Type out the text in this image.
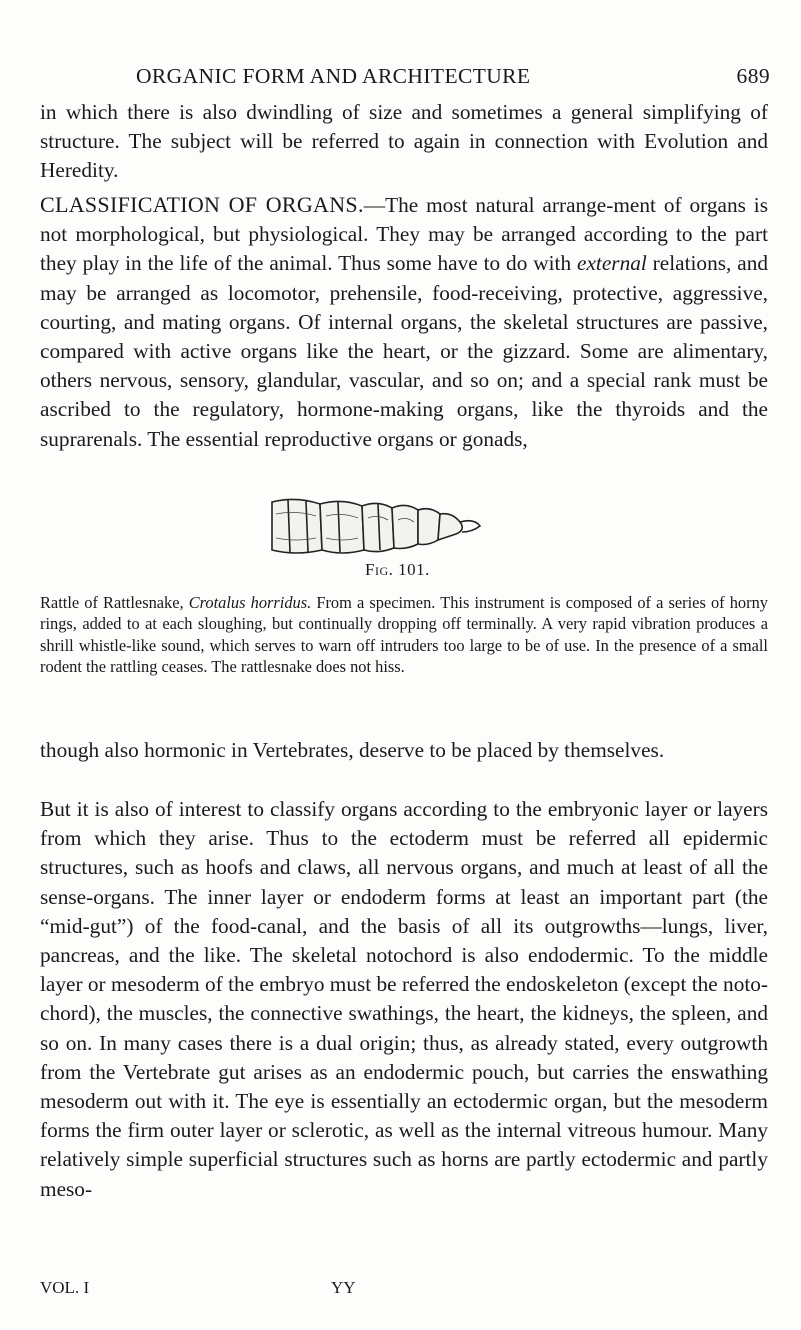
ORGANIC FORM AND ARCHITECTURE	689
in which there is also dwindling of size and sometimes a general simplifying of structure. The subject will be referred to again in connection with Evolution and Heredity.
CLASSIFICATION OF ORGANS.—The most natural arrange-ment of organs is not morphological, but physiological. They may be arranged according to the part they play in the life of the animal. Thus some have to do with external relations, and may be arranged as locomotor, prehensile, food-receiving, protective, aggressive, courting, and mating organs. Of internal organs, the skeletal structures are passive, compared with active organs like the heart, or the gizzard. Some are alimentary, others nervous, sensory, glandular, vascular, and so on; and a special rank must be ascribed to the regulatory, hormone-making organs, like the thyroids and the suprarenals. The essential reproductive organs or gonads,
Fig. 101.
Rattle of Rattlesnake, Crotalus horridus. From a specimen. This instrument is composed of a series of horny rings, added to at each sloughing, but continually dropping off terminally. A very rapid vibration produces a shrill whistle-like sound, which serves to warn off intruders too large to be of use. In the presence of a small rodent the rattling ceases. The rattlesnake does not hiss.
though also hormonic in Vertebrates, deserve to be placed by themselves.
But it is also of interest to classify organs according to the embryonic layer or layers from which they arise. Thus to the ectoderm must be referred all epidermic structures, such as hoofs and claws, all nervous organs, and much at least of all the sense-organs. The inner layer or endoderm forms at least an important part (the “mid-gut”) of the food-canal, and the basis of all its outgrowths—lungs, liver, pancreas, and the like. The skeletal notochord is also endodermic. To the middle layer or mesoderm of the embryo must be referred the endoskeleton (except the noto-chord), the muscles, the connective swathings, the heart, the kidneys, the spleen, and so on. In many cases there is a dual origin; thus, as already stated, every outgrowth from the Vertebrate gut arises as an endodermic pouch, but carries the enswathing mesoderm out with it. The eye is essentially an ectodermic organ, but the mesoderm forms the firm outer layer or sclerotic, as well as the internal vitreous humour. Many relatively simple superficial structures such as horns are partly ectodermic and partly meso-
VOL. I	YY
